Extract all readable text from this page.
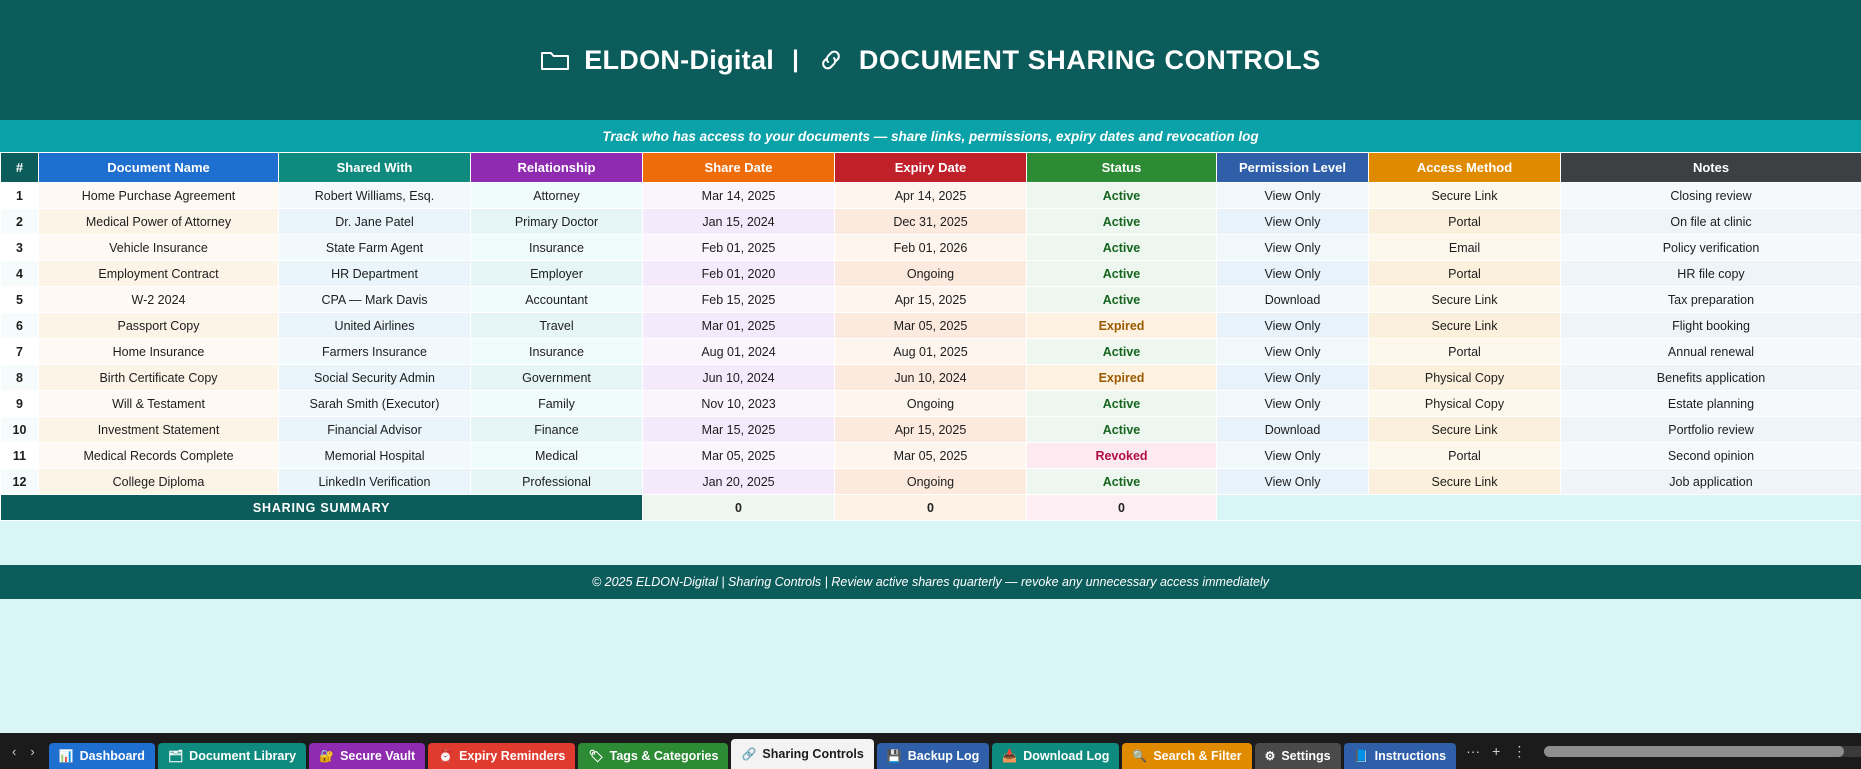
ELDON-Digital | DOCUMENT SHARING CONTROLS
Track who has access to your documents — share links, permissions, expiry dates and revocation log
#	Document Name	Shared With	Relationship	Share Date	Expiry Date	Status	Permission Level	Access Method	Notes
1	Home Purchase Agreement	Robert Williams, Esq.	Attorney	Mar 14, 2025	Apr 14, 2025	Active	View Only	Secure Link	Closing review
2	Medical Power of Attorney	Dr. Jane Patel	Primary Doctor	Jan 15, 2024	Dec 31, 2025	Active	View Only	Portal	On file at clinic
3	Vehicle Insurance	State Farm Agent	Insurance	Feb 01, 2025	Feb 01, 2026	Active	View Only	Email	Policy verification
4	Employment Contract	HR Department	Employer	Feb 01, 2020	Ongoing	Active	View Only	Portal	HR file copy
5	W-2 2024	CPA — Mark Davis	Accountant	Feb 15, 2025	Apr 15, 2025	Active	Download	Secure Link	Tax preparation
6	Passport Copy	United Airlines	Travel	Mar 01, 2025	Mar 05, 2025	Expired	View Only	Secure Link	Flight booking
7	Home Insurance	Farmers Insurance	Insurance	Aug 01, 2024	Aug 01, 2025	Active	View Only	Portal	Annual renewal
8	Birth Certificate Copy	Social Security Admin	Government	Jun 10, 2024	Jun 10, 2024	Expired	View Only	Physical Copy	Benefits application
9	Will & Testament	Sarah Smith (Executor)	Family	Nov 10, 2023	Ongoing	Active	View Only	Physical Copy	Estate planning
10	Investment Statement	Financial Advisor	Finance	Mar 15, 2025	Apr 15, 2025	Active	Download	Secure Link	Portfolio review
11	Medical Records Complete	Memorial Hospital	Medical	Mar 05, 2025	Mar 05, 2025	Revoked	View Only	Portal	Second opinion
12	College Diploma	LinkedIn Verification	Professional	Jan 20, 2025	Ongoing	Active	View Only	Secure Link	Job application
SHARING SUMMARY				0	0	0			
© 2025 ELDON-Digital | Sharing Controls | Review active shares quarterly — revoke any unnecessary access immediately
‹ › 📊 Dashboard 🗂 Document Library 🔐 Secure Vault ⏰ Expiry Reminders 🏷 Tags & Categories 🔗 Sharing Controls 💾 Backup Log 📥 Download Log 🔍 Search & Filter ⚙ Settings 📘 Instructions ··· + ⋮
